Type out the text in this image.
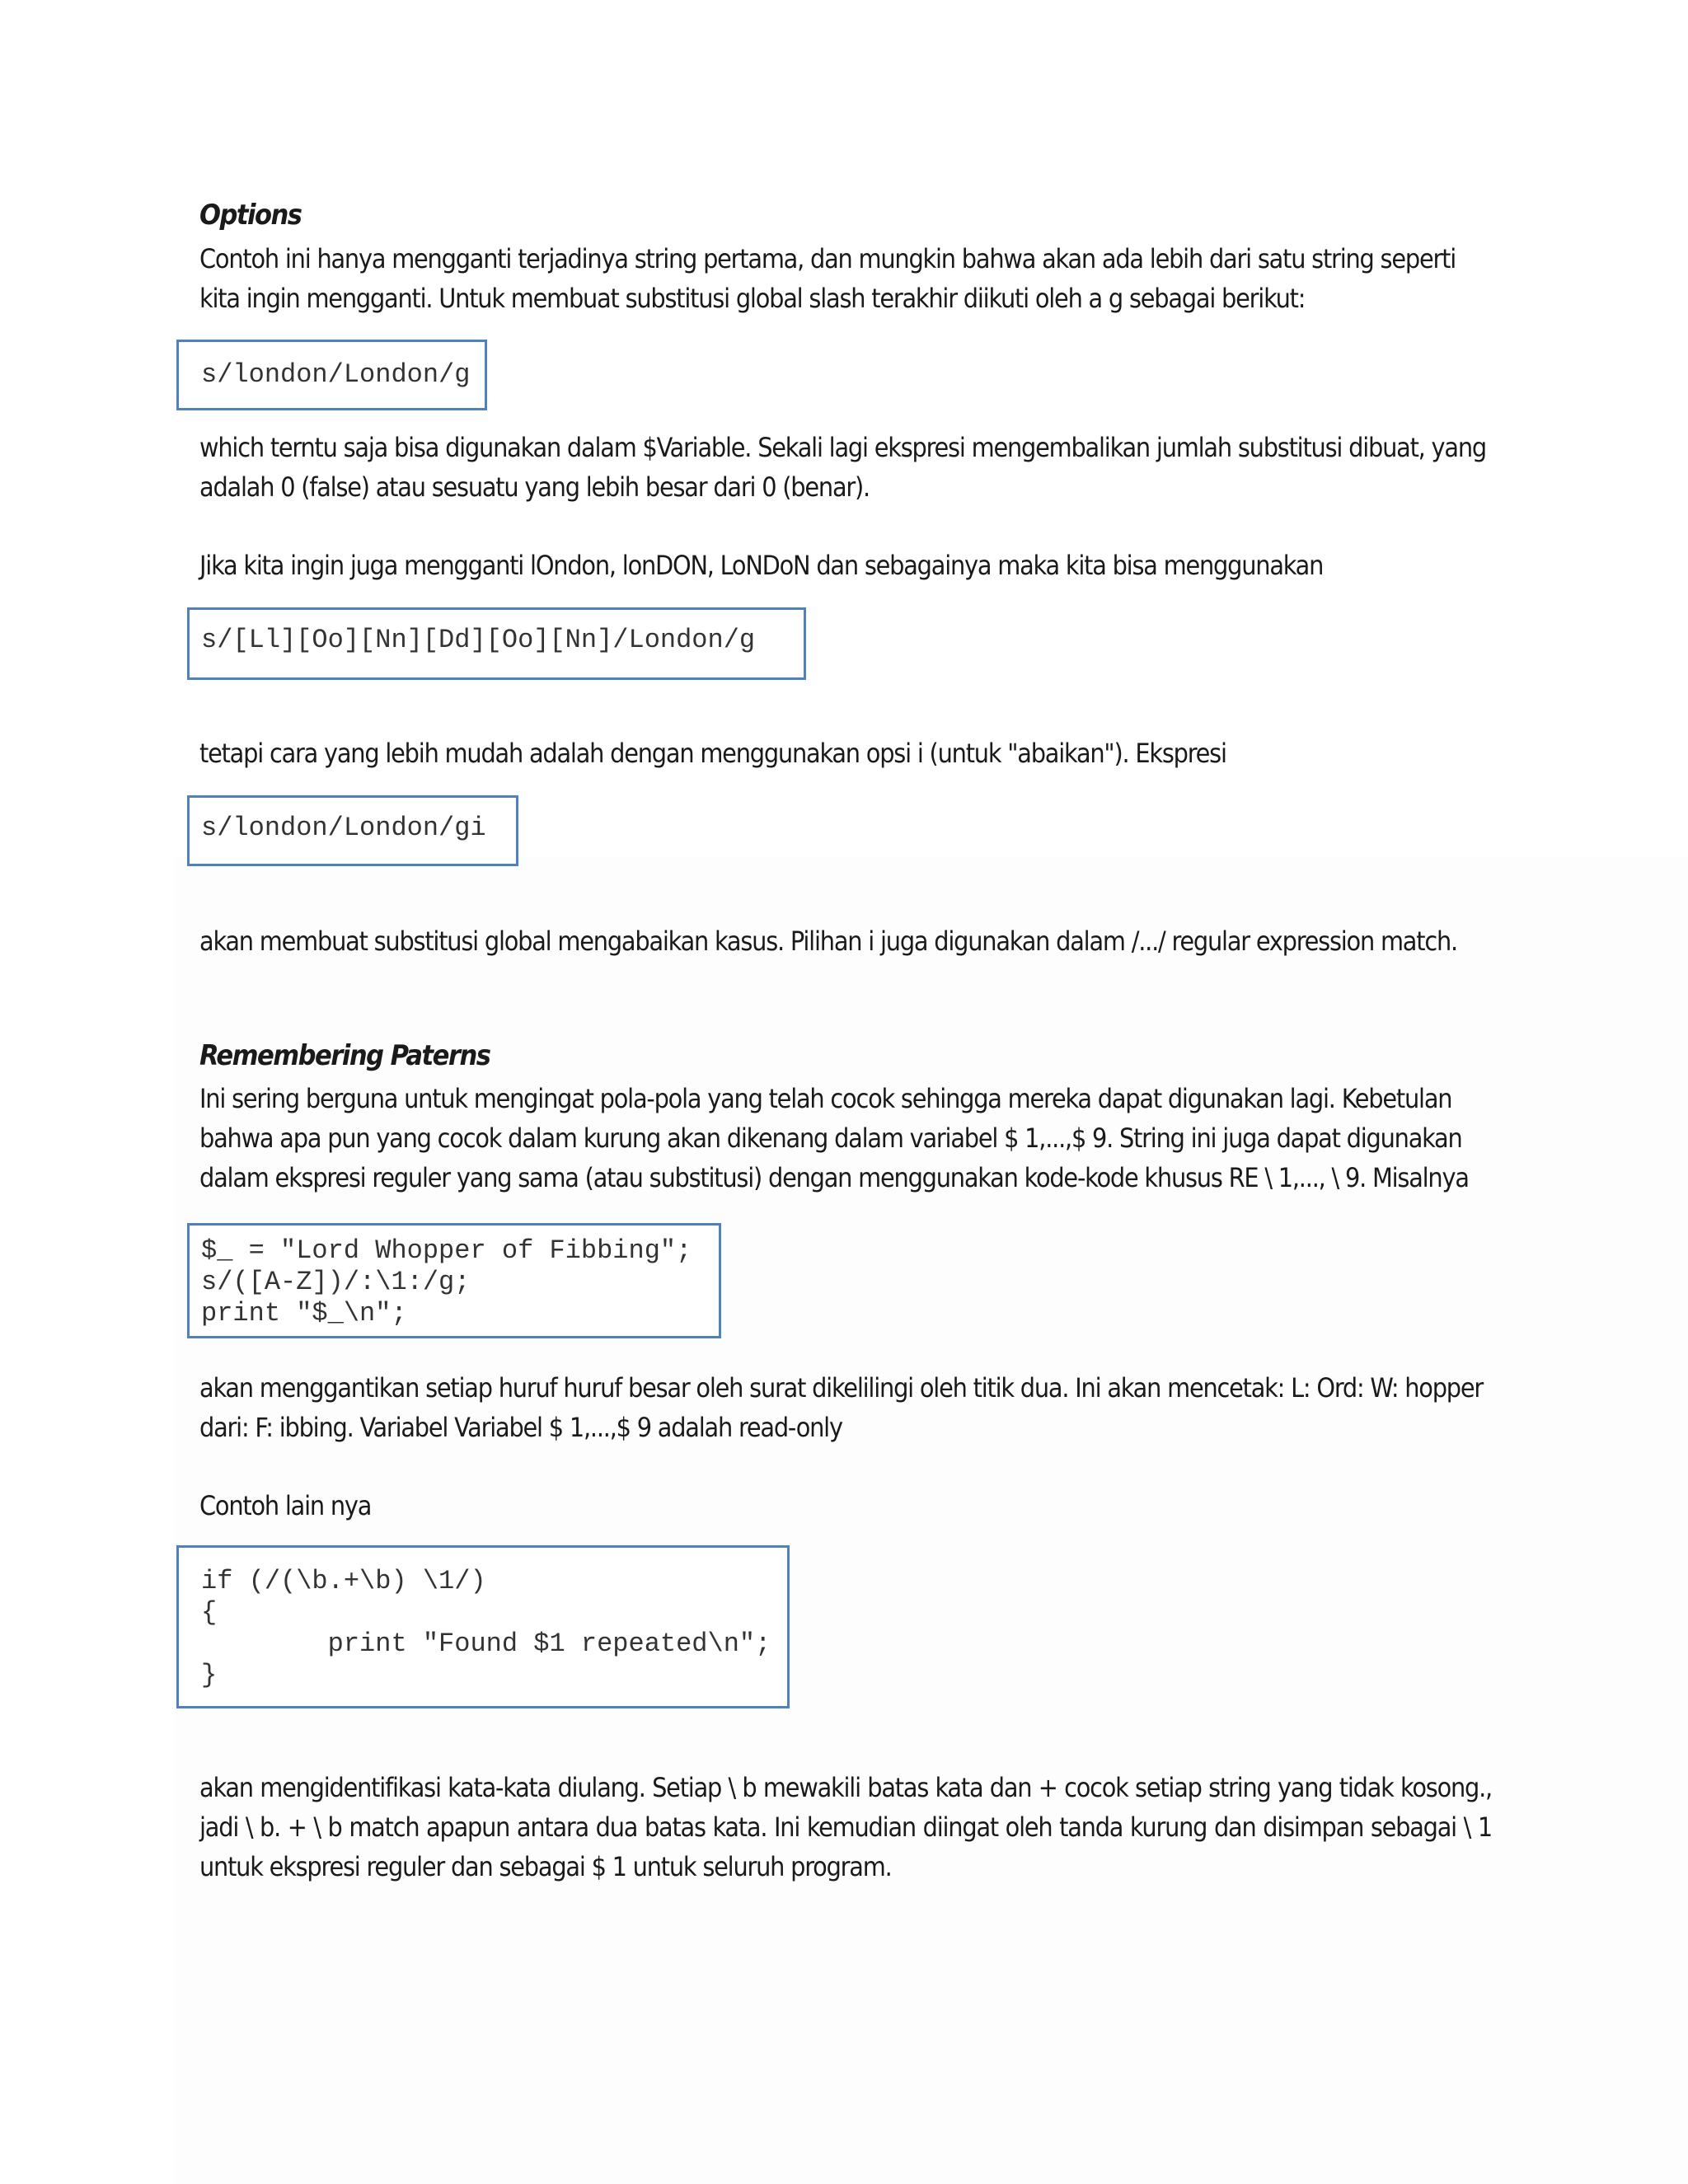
Options

Contoh ini hanya mengganti terjadinya string pertama, dan mungkin bahwa akan ada lebih dari satu string seperti kita ingin mengganti. Untuk membuat substitusi global slash terakhir diikuti oleh a g sebagai berikut:

s/london/London/g

which terntu saja bisa digunakan dalam $Variable. Sekali lagi ekspresi mengembalikan jumlah substitusi dibuat, yang adalah 0 (false) atau sesuatu yang lebih besar dari 0 (benar).

Jika kita ingin juga mengganti lOndon, lonDON, LoNDoN dan sebagainya maka kita bisa menggunakan

s/[Ll][Oo][Nn][Dd][Oo][Nn]/London/g

tetapi cara yang lebih mudah adalah dengan menggunakan opsi i (untuk "abaikan"). Ekspresi

s/london/London/gi

akan membuat substitusi global mengabaikan kasus. Pilihan i juga digunakan dalam /.../ regular expression match.

Remembering Paterns

Ini sering berguna untuk mengingat pola-pola yang telah cocok sehingga mereka dapat digunakan lagi. Kebetulan bahwa apa pun yang cocok dalam kurung akan dikenang dalam variabel $ 1,...,$ 9. String ini juga dapat digunakan dalam ekspresi reguler yang sama (atau substitusi) dengan menggunakan kode-kode khusus RE \ 1,..., \ 9. Misalnya

$_ = "Lord Whopper of Fibbing";
s/([A-Z])/:\1:/g;
print "$_\n";

akan menggantikan setiap huruf huruf besar oleh surat dikelilingi oleh titik dua. Ini akan mencetak: L: Ord: W: hopper dari: F: ibbing. Variabel Variabel $ 1,...,$ 9 adalah read-only

Contoh lain nya

if (/(\b.+\b) \1/)
{
print "Found $1 repeated\n";
}

akan mengidentifikasi kata-kata diulang. Setiap \ b mewakili batas kata dan + cocok setiap string yang tidak kosong., jadi \ b. + \ b match apapun antara dua batas kata. Ini kemudian diingat oleh tanda kurung dan disimpan sebagai \ 1 untuk ekspresi reguler dan sebagai $ 1 untuk seluruh program.
